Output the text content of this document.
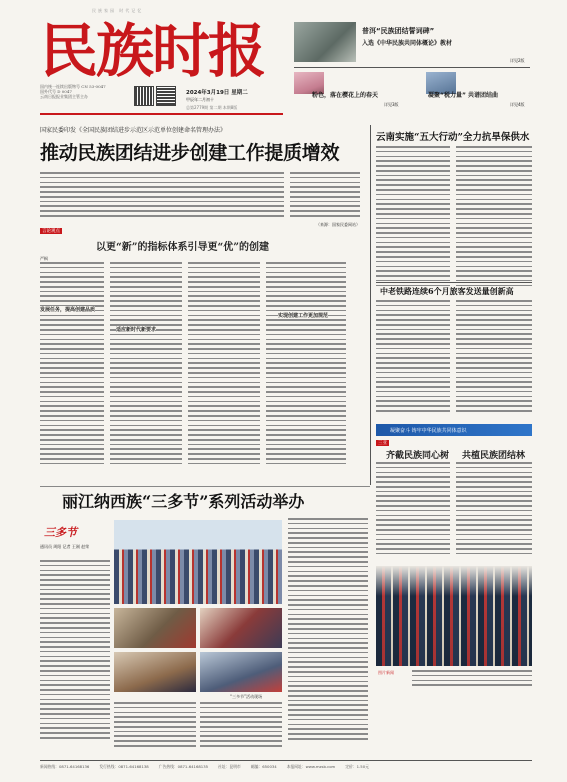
民族家园 时代记忆
民族时报
国内统一连续出版物号 CN 53-0047
国外代号 D 0047
云南日报报业集团主管主办
2024年3月19日 星期二
甲辰年二月初十
总第2779期 第二期 本期8版
普洱“民族团结誓词碑”
入选《中华民族共同体概论》教材
详见2版
粉色，落在樱花上的春天
详见3版
凝聚“税力量” 共谱团结曲
详见4版
国家民委印发《全国民族团结进步示范区示范单位创建命名管理办法》
推动民族团结进步创建工作提质增效
（来源：国家民委网站）
言论观点
以更“新”的指标体系引导更“优”的创建
严枫
发展任务，提高创建品质
适应新时代新要求
实现创建工作更加规范
云南实施“五大行动”全力抗旱保供水
中老铁路连续6个月旅客发送量创新高
凝聚奋斗 铸牢中华民族共同体意识
三亚
齐截民族同心树 共植民族团结林
图片新闻
丽江纳西族“三多节”系列活动举办
三多节
通讯员 周阳 记者 王刚 赵荣
“三多节”活动现场
新闻热线：0871-64168136	发行热线：0871-64168138	广告热线：0871-64168135	社址：昆明市	邮编：650034	本报网址：www.mzsb.com	定价：1.50元
